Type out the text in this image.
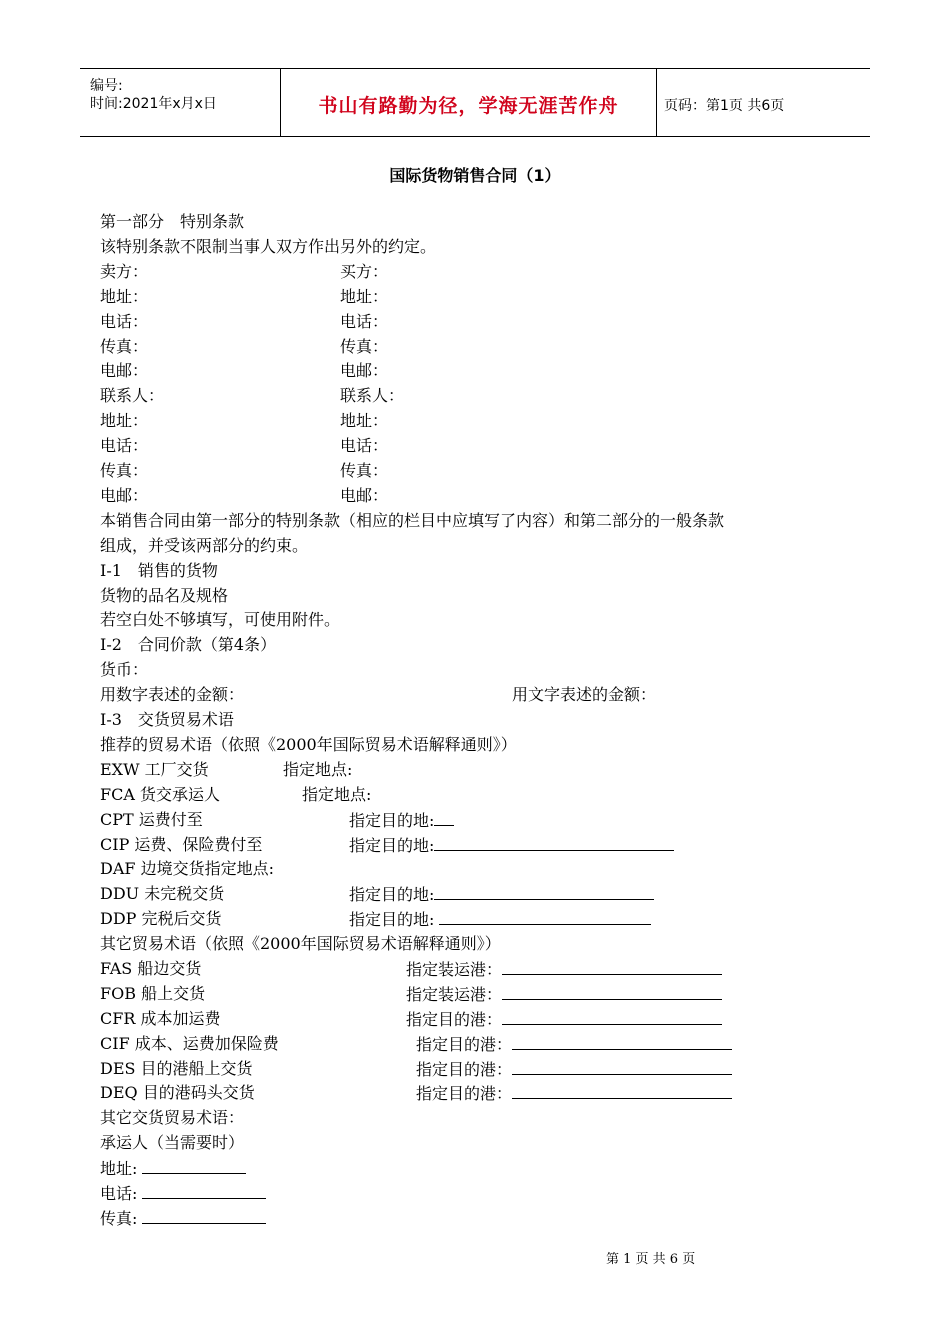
编号:
时间:2021年x月x日	书山有路勤为径，学海无涯苦作舟	页码：第1页 共6页
国际货物销售合同（1）
第一部分　特别条款
该特别条款不限制当事人双方作出另外的约定。
卖方：	买方：
地址：	地址：
电话：	电话：
传真：	传真：
电邮：	电邮：
联系人：	联系人：
地址：	地址：
电话：	电话：
传真：	传真：
电邮：	电邮：
本销售合同由第一部分的特别条款（相应的栏目中应填写了内容）和第二部分的一般条款
组成，并受该两部分的约束。
I-1　销售的货物
货物的品名及规格
若空白处不够填写，可使用附件。
I-2　合同价款（第4条）
货币：
用数字表述的金额：	用文字表述的金额：
I-3　交货贸易术语
推荐的贸易术语（依照《2000年国际贸易术语解释通则》）
EXW 工厂交货	指定地点:
FCA 货交承运人	指定地点:
CPT 运费付至	指定目的地:
CIP 运费、保险费付至	指定目的地:
DAF 边境交货指定地点:
DDU 未完税交货	指定目的地:
DDP 完税后交货	指定目的地:
其它贸易术语（依照《2000年国际贸易术语解释通则》）
FAS 船边交货	指定装运港：
FOB 船上交货	指定装运港：
CFR 成本加运费	指定目的港：
CIF 成本、运费加保险费	指定目的港：
DES 目的港船上交货	指定目的港：
DEQ 目的港码头交货	指定目的港：
其它交货贸易术语：
承运人（当需要时）
地址:
电话:
传真:
第 1 页 共 6 页
